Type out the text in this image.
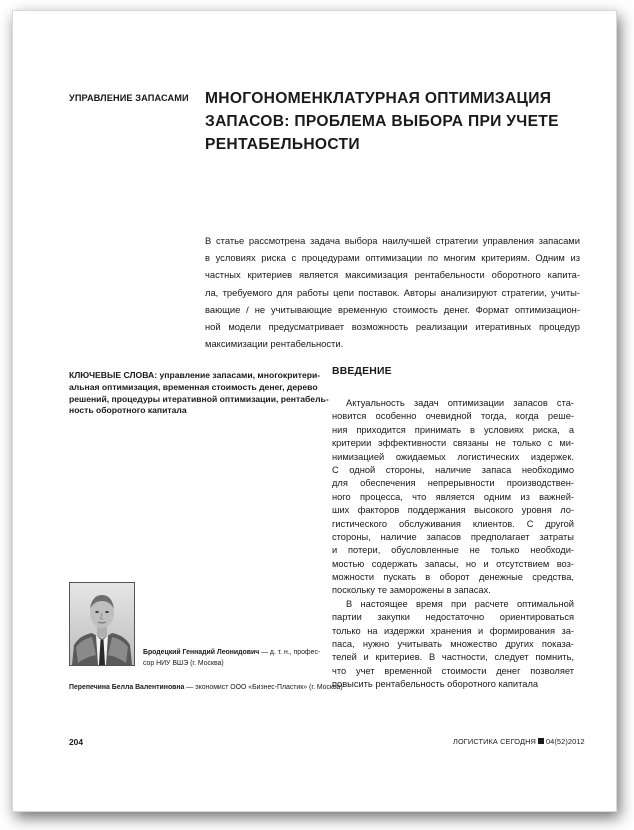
УПРАВЛЕНИЕ ЗАПАСАМИ МНОГОНОМЕНКЛАТУРНАЯ ОПТИМИЗАЦИЯ
ЗАПАСОВ: ПРОБЛЕМА ВЫБОРА ПРИ УЧЕТЕ
РЕНТАБЕЛЬНОСТИ
В статье рассмотрена задача выбора наилучшей стратегии управления запасами
в условиях риска с процедурами оптимизации по многим критериям. Одним из
частных критериев является максимизация рентабельности оборотного капита-
ла, требуемого для работы цепи поставок. Авторы анализируют стратегии, учиты-
вающие / не учитывающие временную стоимость денег. Формат оптимизацион-
ной модели предусматривает возможность реализации итеративных процедур
максимизации рентабельности.
КЛЮЧЕВЫЕ СЛОВА: управление запасами, многокритери-
альная оптимизация, временная стоимость денег, дерево
решений, процедуры итеративной оптимизации, рентабель-
ность оборотного капитала
ВВЕДЕНИЕ
Актуальность задач оптимизации запасов ста-
новится особенно очевидной тогда, когда реше-
ния приходится принимать в условиях риска, а
критерии эффективности связаны не только с ми-
нимизацией ожидаемых логистических издержек.
С одной стороны, наличие запаса необходимо
для обеспечения непрерывности производствен-
ного процесса, что является одним из важней-
ших факторов поддержания высокого уровня ло-
гистического обслуживания клиентов. С другой
стороны, наличие запасов предполагает затраты
и потери, обусловленные не только необходи-
мостью содержать запасы, но и отсутствием воз-
можности пускать в оборот денежные средства,
поскольку те заморожены в запасах.
В настоящее время при расчете оптимальной
партии закупки недостаточно ориентироваться
только на издержки хранения и формирования за-
паса, нужно учитывать множество других показа-
телей и критериев. В частности, следует помнить,
что учет временной стоимости денег позволяет
повысить рентабельность оборотного капитала
Бродецкий Геннадий Леонидович — д. т. н., профес-
сор НИУ ВШЭ (г. Москва)
Перепечина Белла Валентиновна — экономист ООО «Бизнес-Пластик» (г. Москва)
204	ЛОГИСТИКА СЕГОДНЯ 04(52)2012
